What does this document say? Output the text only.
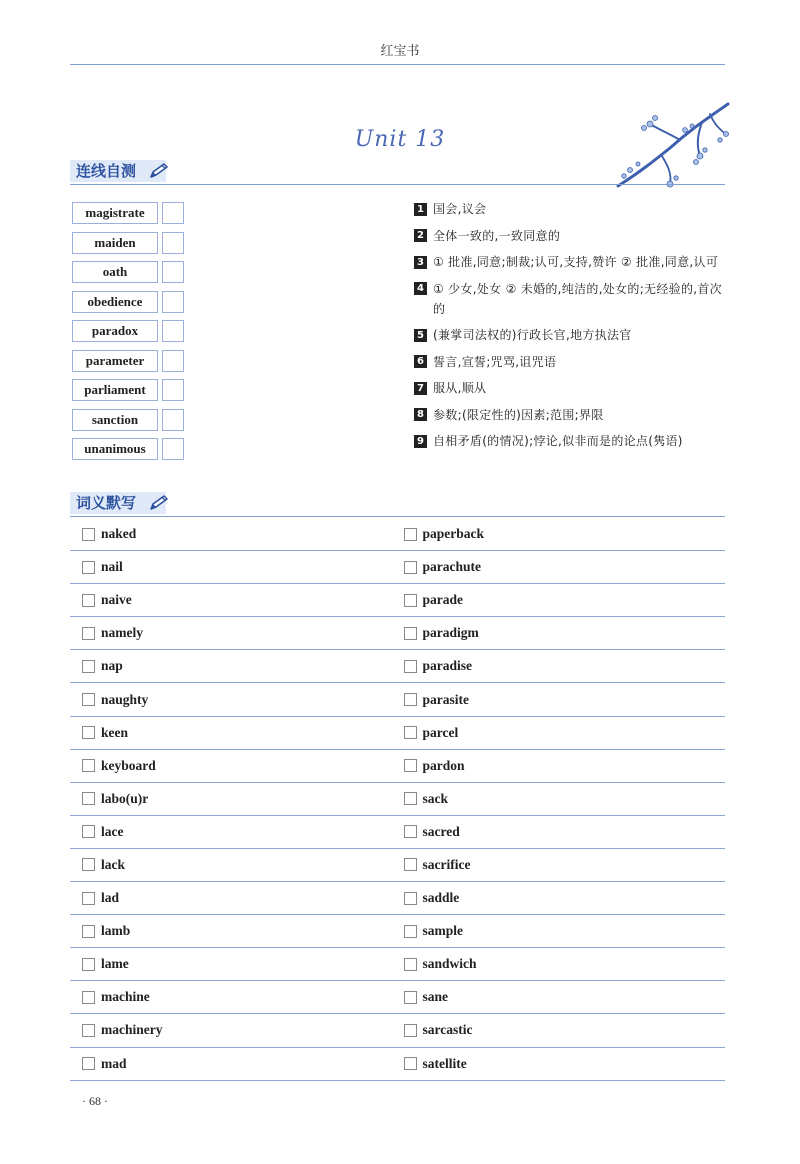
红宝书
Unit 13
连线自测
magistrate
maiden
oath
obedience
paradox
parameter
parliament
sanction
unanimous
1 国会,议会
2 全体一致的,一致同意的
3 ① 批准,同意;制裁;认可,支持,赞许 ② 批准,同意,认可
4 ① 少女,处女 ② 未婚的,纯洁的,处女的;无经验的,首次的
5 (兼掌司法权的)行政长官,地方执法官
6 誓言,宣誓;咒骂,诅咒语
7 服从,顺从
8 参数;(限定性的)因素;范围;界限
9 自相矛盾(的情况);悖论,似非而是的论点(隽语)
词义默写
naked	paperback
nail	parachute
naive	parade
namely	paradigm
nap	paradise
naughty	parasite
keen	parcel
keyboard	pardon
labo(u)r	sack
lace	sacred
lack	sacrifice
lad	saddle
lamb	sample
lame	sandwich
machine	sane
machinery	sarcastic
mad	satellite
· 68 ·
